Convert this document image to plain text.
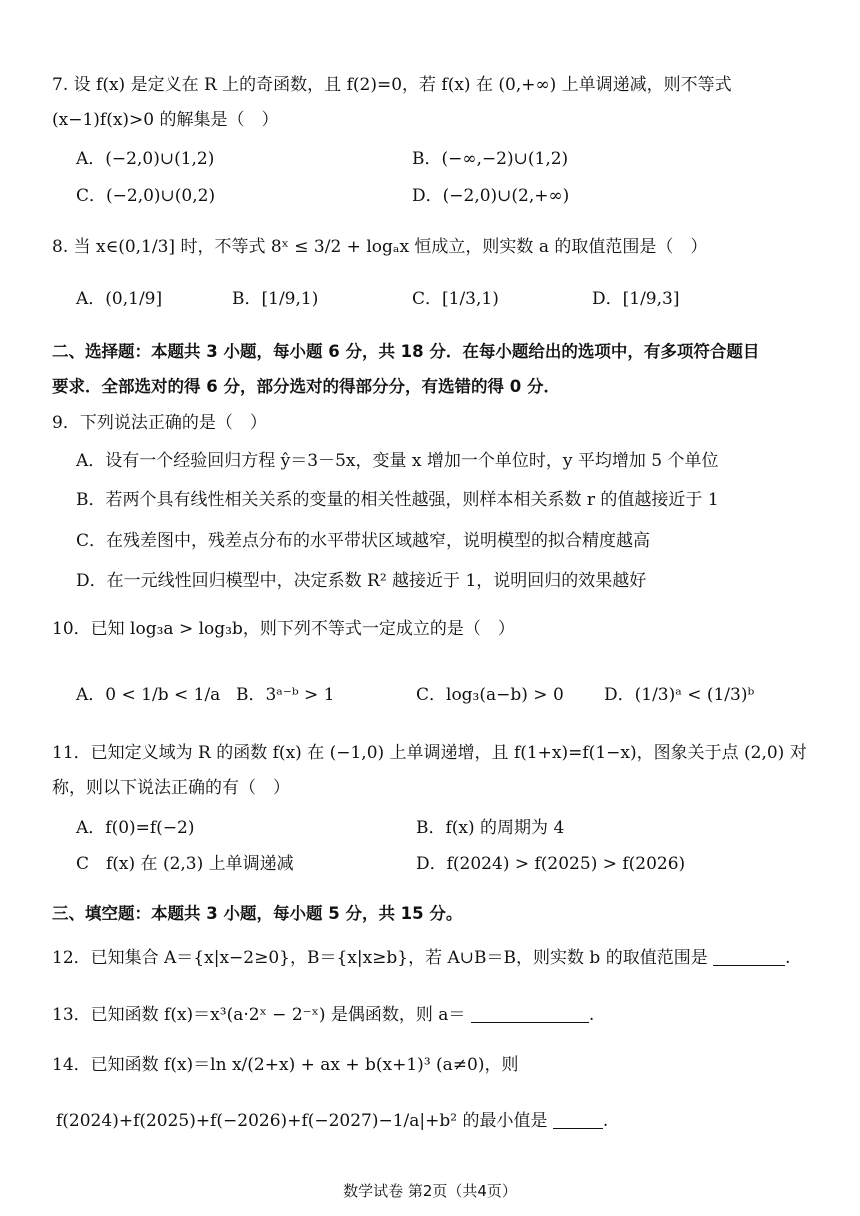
7. 设 f(x) 是定义在 R 上的奇函数，且 f(2)=0，若 f(x) 在 (0,+∞) 上单调递减，则不等式
(x−1)f(x)>0 的解集是（　）
A．(−2,0)∪(1,2)	B．(−∞,−2)∪(1,2)
C．(−2,0)∪(0,2)	D．(−2,0)∪(2,+∞)
8. 当 x∈(0,1/3] 时，不等式 8ˣ ≤ 3/2 + logₐx 恒成立，则实数 a 的取值范围是（　）
A．(0,1/9]	B．[1/9,1)	C．[1/3,1)	D．[1/9,3]
二、选择题：本题共 3 小题，每小题 6 分，共 18 分．在每小题给出的选项中，有多项符合题目
要求．全部选对的得 6 分，部分选对的得部分分，有选错的得 0 分．
9．下列说法正确的是（　）
A．设有一个经验回归方程 ŷ＝3－5x，变量 x 增加一个单位时，y 平均增加 5 个单位
B．若两个具有线性相关关系的变量的相关性越强，则样本相关系数 r 的值越接近于 1
C．在残差图中，残差点分布的水平带状区域越窄，说明模型的拟合精度越高
D．在一元线性回归模型中，决定系数 R² 越接近于 1，说明回归的效果越好
10．已知 log₃a > log₃b，则下列不等式一定成立的是（　）
A．0 < 1/b < 1/a B．3ᵃ⁻ᵇ > 1	C．log₃(a−b) > 0 D．(1/3)ᵃ < (1/3)ᵇ
11．已知定义域为 R 的函数 f(x) 在 (−1,0) 上单调递增，且 f(1+x)=f(1−x)，图象关于点 (2,0) 对
称，则以下说法正确的有（　）
A．f(0)=f(−2)	B．f(x) 的周期为 4
C　f(x) 在 (2,3) 上单调递减	D．f(2024) > f(2025) > f(2026)
三、填空题：本题共 3 小题，每小题 5 分，共 15 分。
12．已知集合 A＝{x|x−2≥0}，B＝{x|x≥b}，若 A∪B＝B，则实数 b 的取值范围是	.
13．已知函数 f(x)＝x³(a·2ˣ − 2⁻ˣ) 是偶函数，则 a＝	.
14．已知函数 f(x)＝ln x/(2+x) + ax + b(x+1)³ (a≠0)，则
f(2024)+f(2025)+f(−2026)+f(−2027)−1/a|+b² 的最小值是	.
数学试卷 第2页（共4页）
